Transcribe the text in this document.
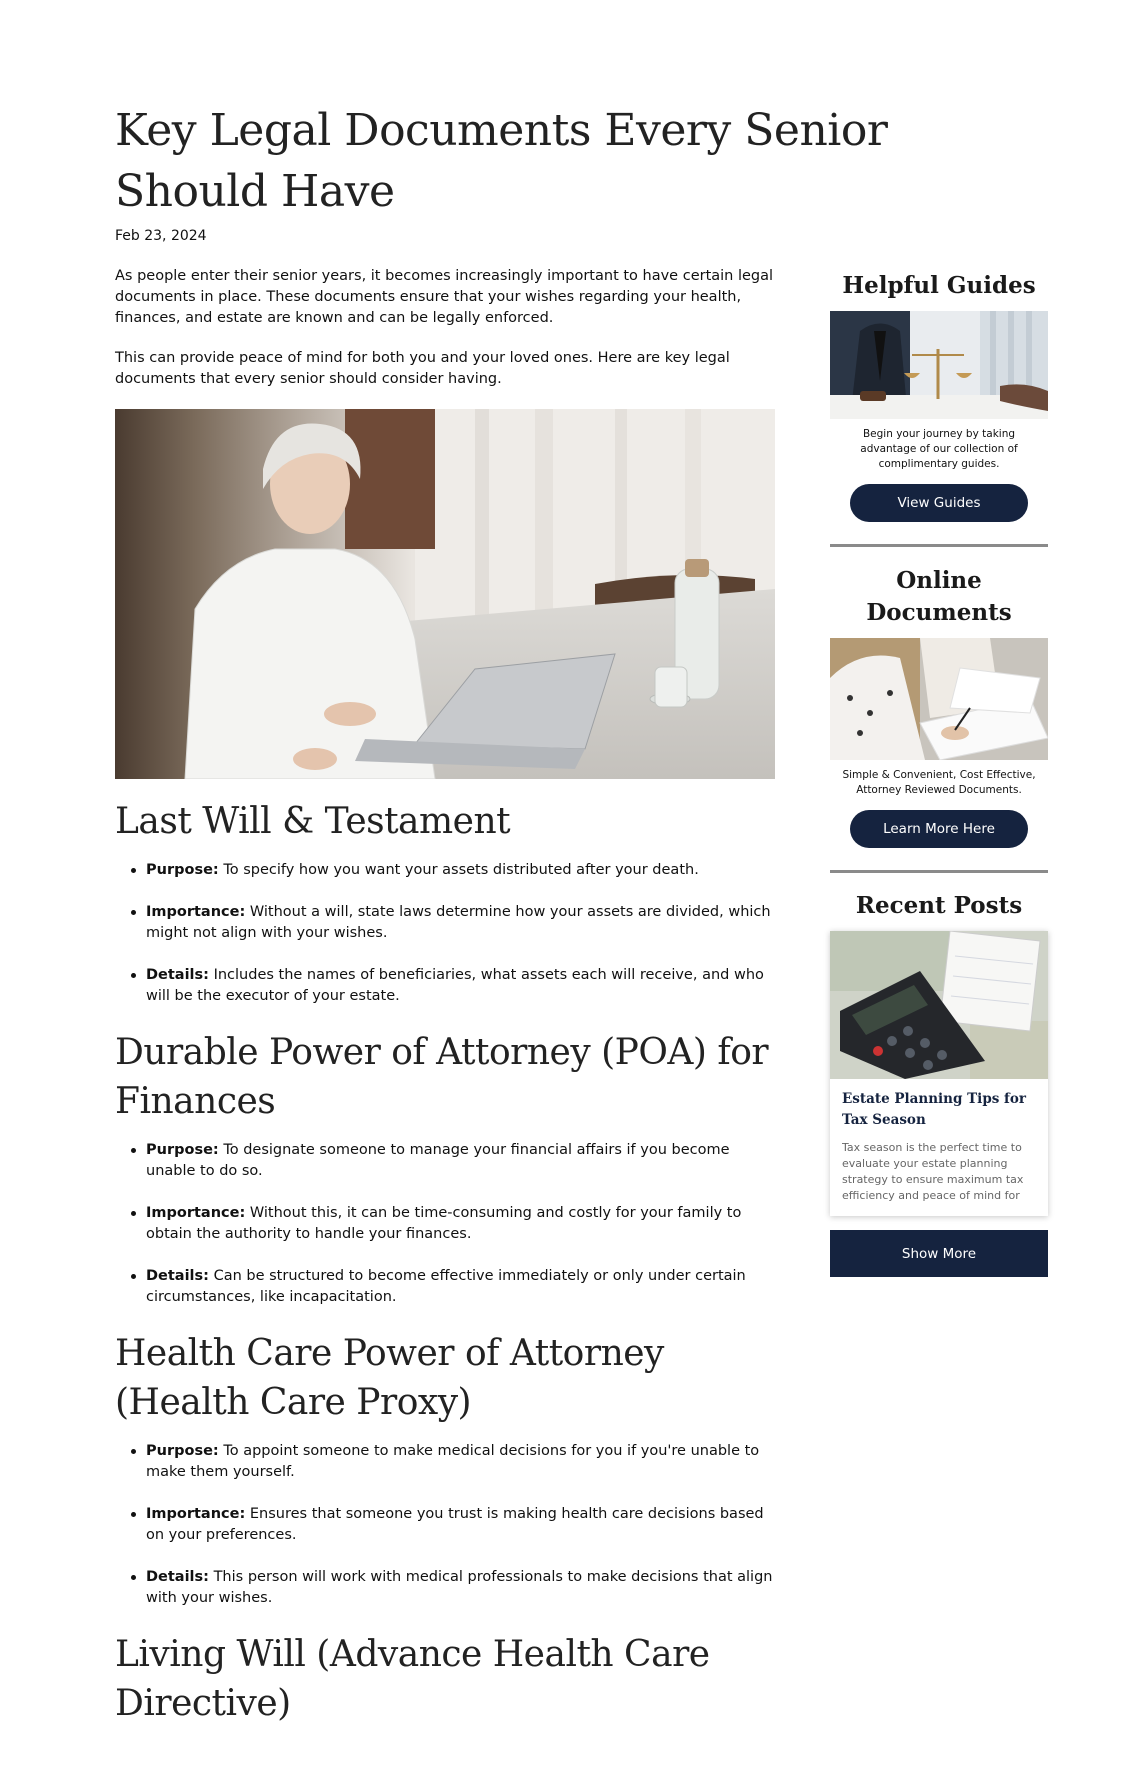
Key Legal Documents Every Senior Should Have
Feb 23, 2024

As people enter their senior years, it becomes increasingly important to have certain legal documents in place. These documents ensure that your wishes regarding your health, finances, and estate are known and can be legally enforced.

This can provide peace of mind for both you and your loved ones. Here are key legal documents that every senior should consider having.

Last Will & Testament
Purpose: To specify how you want your assets distributed after your death.
Importance: Without a will, state laws determine how your assets are divided, which might not align with your wishes.
Details: Includes the names of beneficiaries, what assets each will receive, and who will be the executor of your estate.
Durable Power of Attorney (POA) for Finances
Purpose: To designate someone to manage your financial affairs if you become unable to do so.
Importance: Without this, it can be time-consuming and costly for your family to obtain the authority to handle your finances.
Details: Can be structured to become effective immediately or only under certain circumstances, like incapacitation.
Health Care Power of Attorney (Health Care Proxy)
Purpose: To appoint someone to make medical decisions for you if you're unable to make them yourself.
Importance: Ensures that someone you trust is making health care decisions based on your preferences.
Details: This person will work with medical professionals to make decisions that align with your wishes.
Living Will (Advance Health Care Directive)
Helpful Guides
Begin your journey by taking advantage of our collection of complimentary guides.
View Guides
Online Documents
Simple & Convenient, Cost Effective, Attorney Reviewed Documents.
Learn More Here
Recent Posts
Estate Planning Tips for Tax Season
Tax season is the perfect time to evaluate your estate planning strategy to ensure maximum tax efficiency and peace of mind for
Show More
